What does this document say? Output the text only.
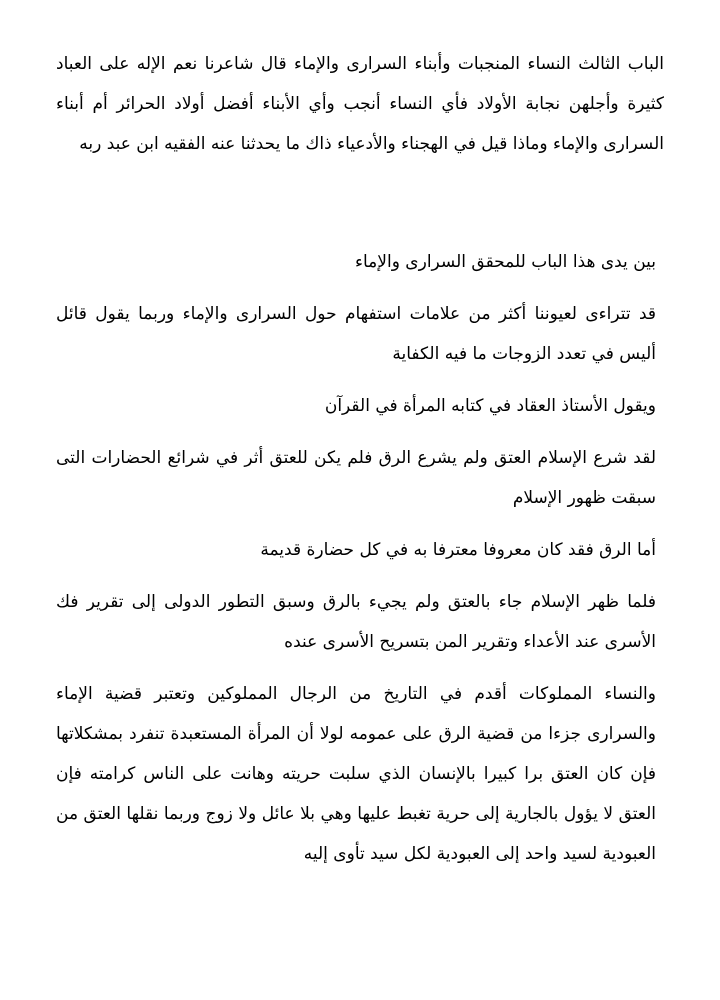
الباب الثالث النساء المنجبات وأبناء السرارى والإماء قال شاعرنا نعم الإله على العباد كثيرة وأجلهن نجابة الأولاد فأي النساء أنجب وأي الأبناء أفضل أولاد الحرائر أم أبناء السرارى والإماء وماذا قيل في الهجناء والأدعياء ذاك ما يحدثنا عنه الفقيه ابن عبد ربه

بين يدى هذا الباب للمحقق السرارى والإماء

قد تتراءى لعيوننا أكثر من علامات استفهام حول السرارى والإماء وربما يقول قائل أليس في تعدد الزوجات ما فيه الكفاية

ويقول الأستاذ العقاد في كتابه المرأة في القرآن

لقد شرع الإسلام العتق ولم يشرع الرق فلم يكن للعتق أثر في شرائع الحضارات التى سبقت ظهور الإسلام

أما الرق فقد كان معروفا معترفا به في كل حضارة قديمة

فلما ظهر الإسلام جاء بالعتق ولم يجيء بالرق وسبق التطور الدولى إلى تقرير فك الأسرى عند الأعداء وتقرير المن بتسريح الأسرى عنده

والنساء المملوكات أقدم في التاريخ من الرجال المملوكين وتعتبر قضية الإماء والسرارى جزءا من قضية الرق على عمومه لولا أن المرأة المستعبدة تنفرد بمشكلاتها فإن كان العتق برا كبيرا بالإنسان الذي سلبت حريته وهانت على الناس كرامته فإن العتق لا يؤول بالجارية إلى حرية تغبط عليها وهي بلا عائل ولا زوج وربما نقلها العتق من العبودية لسيد واحد إلى العبودية لكل سيد تأوى إليه
